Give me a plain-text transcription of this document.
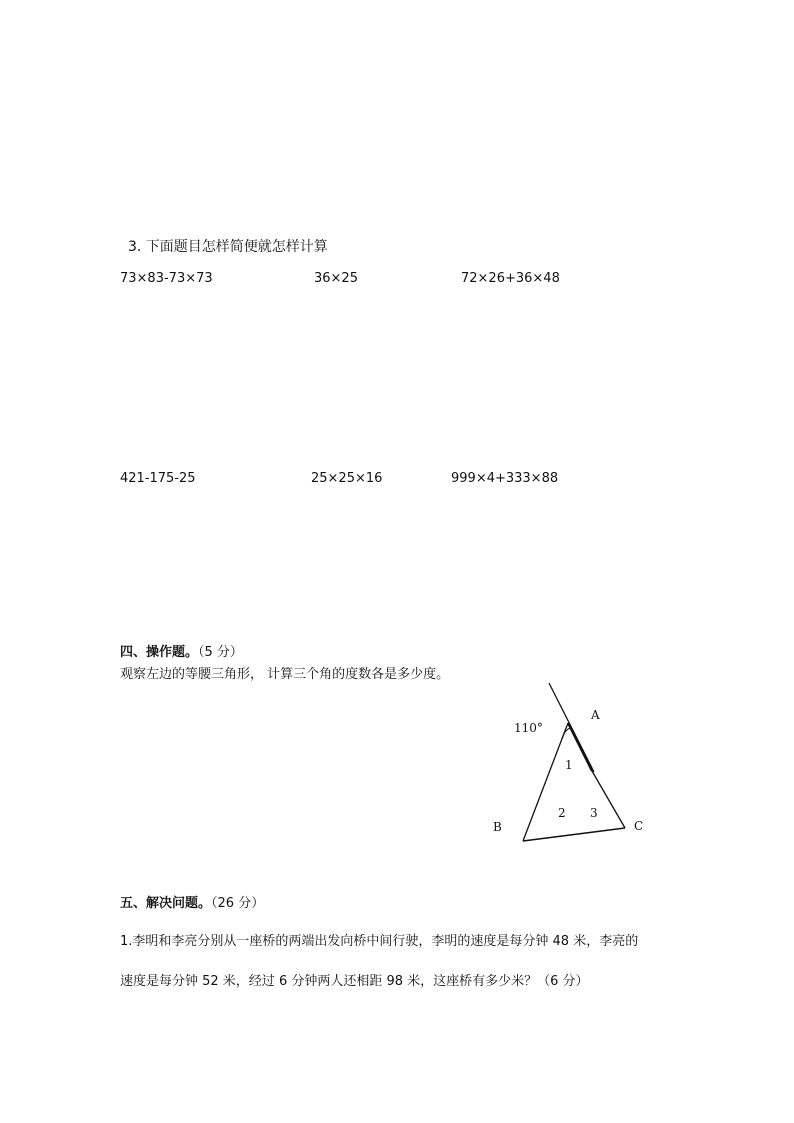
3. 下面题目怎样简便就怎样计算
73×83-73×73	36×25	72×26+36×48
421-175-25	25×25×16	999×4+333×88
四、操作题。（5 分）
观察左边的等腰三角形， 计算三个角的度数各是多少度。
110°
A
B	C
1
2 3
五、解决问题。（26 分）
1.李明和李亮分别从一座桥的两端出发向桥中间行驶，李明的速度是每分钟 48 米，李亮的
速度是每分钟 52 米，经过 6 分钟两人还相距 98 米，这座桥有多少米？（6 分）
